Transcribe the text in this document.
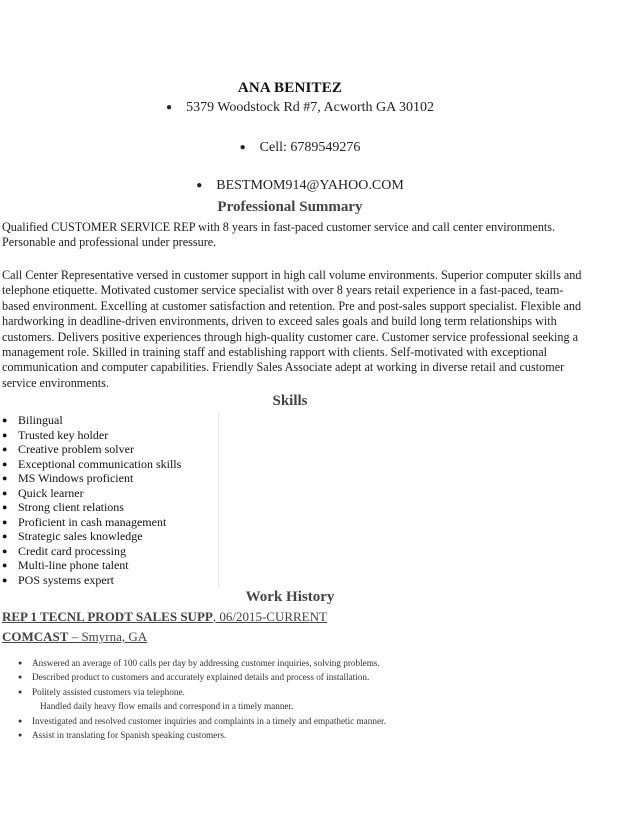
ANA BENITEZ
● 5379 Woodstock Rd #7, Acworth GA 30102
● Cell: 6789549276
● BESTMOM914@YAHOO.COM
Professional Summary
Qualified CUSTOMER SERVICE REP with 8 years in fast-paced customer service and call center environments. Personable and professional under pressure.
Call Center Representative versed in customer support in high call volume environments. Superior computer skills and telephone etiquette. Motivated customer service specialist with over 8 years retail experience in a fast-paced, team-based environment. Excelling at customer satisfaction and retention. Pre and post-sales support specialist. Flexible and hardworking in deadline-driven environments, driven to exceed sales goals and build long term relationships with customers. Delivers positive experiences through high-quality customer care. Customer service professional seeking a management role. Skilled in training staff and establishing rapport with clients. Self-motivated with exceptional communication and computer capabilities. Friendly Sales Associate adept at working in diverse retail and customer service environments.
Skills
● Bilingual
● Trusted key holder
● Creative problem solver
● Exceptional communication skills
● MS Windows proficient
● Quick learner
● Strong client relations
● Proficient in cash management
● Strategic sales knowledge
● Credit card processing
● Multi-line phone talent
● POS systems expert
Work History
REP 1 TECNL PRODT SALES SUPP, 06/2015-CURRENT
COMCAST – Smyrna, GA
● Answered an average of 100 calls per day by addressing customer inquiries, solving problems.
● Described product to customers and accurately explained details and process of installation.
● Politely assisted customers via telephone.
Handled daily heavy flow emails and correspond in a timely manner.
● Investigated and resolved customer inquiries and complaints in a timely and empathetic manner.
● Assist in translating for Spanish speaking customers.
